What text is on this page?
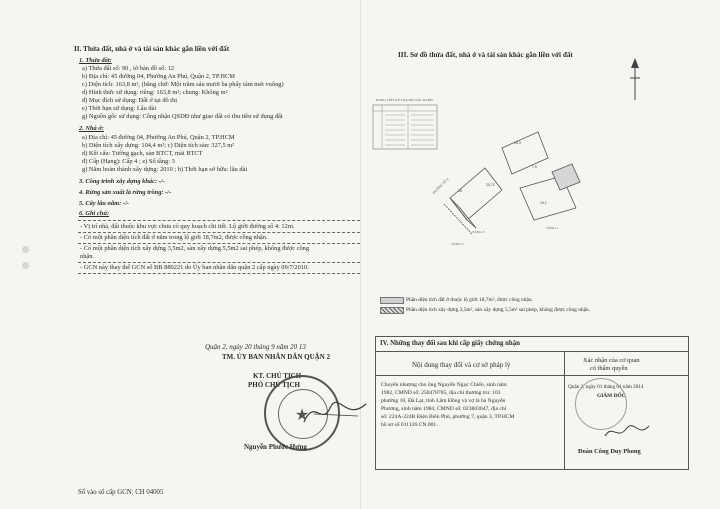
II. Thửa đất, nhà ở và tài sản khác gắn liền với đất
1. Thửa đất:
a) Thửa đất số: 90 , tờ bản đồ số: 12
b) Địa chỉ: 45 đường 04, Phường An Phú, Quận 2, TP.HCM
c) Diện tích: 163,8 m², (bằng chữ: Một trăm sáu mươi ba phẩy tám mét vuông)
d) Hình thức sử dụng: riêng: 163,8 m²; chung: Không m²
đ) Mục đích sử dụng: Đất ở tại đô thị
e) Thời hạn sử dụng: Lâu dài
g) Nguồn gốc sử dụng: Công nhận QSDĐ như giao đất có thu tiền sử dụng đất
2. Nhà ở:
a) Địa chỉ: 45 đường 04, Phường An Phú, Quận 2, TP.HCM
b) Diện tích xây dựng: 104,4 m²; c) Diện tích sàn: 327,5 m²
d) Kết cấu: Tường gạch, sàn BTCT, mái BTCT
đ) Cấp (Hạng): Cấp 4 ; e) Số tầng: 3
g) Năm hoàn thành xây dựng: 2010 ; h) Thời hạn sở hữu: lâu dài
3. Công trình xây dựng khác: -/-
4. Rừng sản xuất là rừng trồng: -/-
5. Cây lâu năm: -/-
6. Ghi chú:
- Vị trí nhà, đất thuộc khu vực chưa có quy hoạch chi tiết. Lộ giới đường số 4: 12m.
- Có một phần diện tích đất ở nằm trong lộ giới 18,7m2, được công nhận.
- Có một phần diện tích xây dựng 3,5m2, sàn xây dựng 5,5m2 sai phép, không được công
nhận.
- GCN này thay thế GCN số BB 880221 do Ủy ban nhân dân quận 2 cấp ngày 09/7/2010.
Quận 2, ngày 20 tháng 9 năm 20 13
TM. ỦY BAN NHÂN DÂN QUẬN 2
KT. CHỦ TỊCH
PHÓ CHỦ TỊCH
★
Nguyễn Phước Hưng
Số vào sổ cấp GCN: CH 04005
III. Sơ đồ thửa đất, nhà ở và tài sản khác gắn liền với đất
BẢNG LIỆT KÊ TỌA ĐỘ GÓC RANH
18
20,71
18,3
7,5
19,1
ĐƯỜNG SỐ 4
TẦNG 3
TẦNG 2
TẦNG 1
Phần diện tích đất ở thuộc lộ giới 18,7m², được công nhận.
Phần diện tích xây dựng 3,5m², sàn xây dựng 5,5m² sai phép, không được công nhận.
IV. Những thay đổi sau khi cấp giấy chứng nhận
Nội dung thay đổi và cơ sở pháp lý
Xác nhận của cơ quan
có thẩm quyền
Chuyển nhượng cho ông Nguyễn Ngọc Chiến, sinh năm
1982, CMND số: 250478705, địa chỉ thường trú: 103
phường 10, Đà Lạt, tỉnh Lâm Đồng và vợ là bà Nguyễn
Phương, sinh năm 1984, CMND số: 023803647, địa chỉ
số: 224A-224B Điện Biên Phủ, phường 7, quận 3, TP.HCM
hồ sơ số 011126.CN.001.
Quận 2, ngày 01 tháng 01 năm 2014
GIÁM ĐỐC
Đoàn Công Duy Phong
